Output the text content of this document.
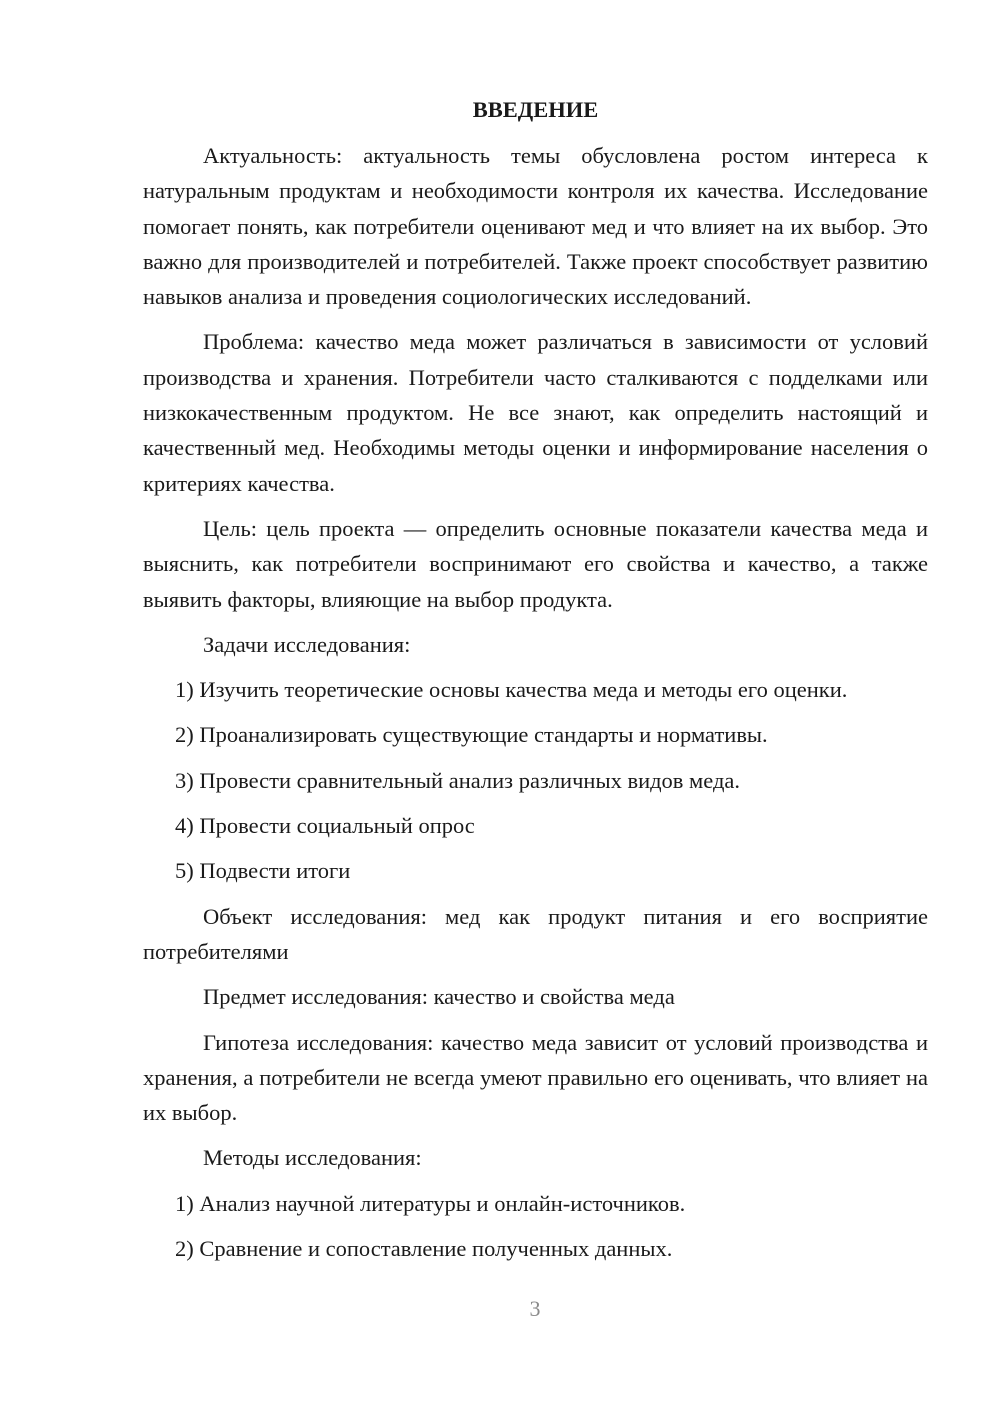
ВВЕДЕНИЕ

Актуальность: актуальность темы обусловлена ростом интереса к натуральным продуктам и необходимости контроля их качества. Исследование помогает понять, как потребители оценивают мед и что влияет на их выбор. Это важно для производителей и потребителей. Также проект способствует развитию навыков анализа и проведения социологических исследований.

Проблема: качество меда может различаться в зависимости от условий производства и хранения. Потребители часто сталкиваются с подделками или низкокачественным продуктом. Не все знают, как определить настоящий и качественный мед. Необходимы методы оценки и информирование населения о критериях качества.

Цель: цель проекта — определить основные показатели качества меда и выяснить, как потребители воспринимают его свойства и качество, а также выявить факторы, влияющие на выбор продукта.

Задачи исследования:

1) Изучить теоретические основы качества меда и методы его оценки.

2) Проанализировать существующие стандарты и нормативы.

3) Провести сравнительный анализ различных видов меда.

4) Провести социальный опрос

5) Подвести итоги

Объект исследования: мед как продукт питания и его восприятие потребителями

Предмет исследования: качество и свойства меда

Гипотеза исследования: качество меда зависит от условий производства и хранения, а потребители не всегда умеют правильно его оценивать, что влияет на их выбор.

Методы исследования:

1) Анализ научной литературы и онлайн-источников.

2) Сравнение и сопоставление полученных данных.

3
